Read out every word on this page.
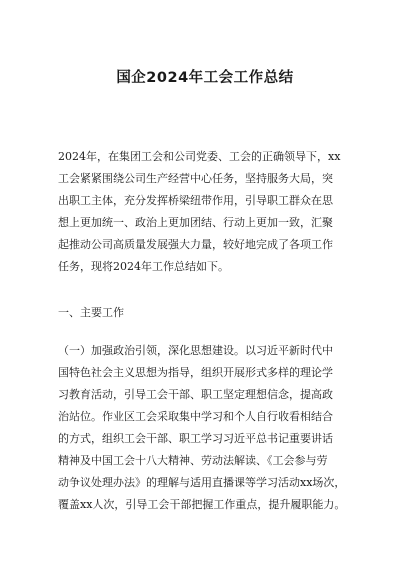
国企2024年工会工作总结

2024年，在集团工会和公司党委、工会的正确领导下，xx
工会紧紧围绕公司生产经营中心任务，坚持服务大局，突
出职工主体，充分发挥桥梁纽带作用，引导职工群众在思
想上更加统一、政治上更加团结、行动上更加一致，汇聚
起推动公司高质量发展强大力量，较好地完成了各项工作
任务，现将2024年工作总结如下。

一、主要工作

（一）加强政治引领，深化思想建设。以习近平新时代中
国特色社会主义思想为指导，组织开展形式多样的理论学
习教育活动，引导工会干部、职工坚定理想信念，提高政
治站位。作业区工会采取集中学习和个人自行收看相结合
的方式，组织工会干部、职工学习习近平总书记重要讲话
精神及中国工会十八大精神、劳动法解读、《工会参与劳
动争议处理办法》的理解与适用直播课等学习活动xx场次，
覆盖xx人次，引导工会干部把握工作重点，提升履职能力。
